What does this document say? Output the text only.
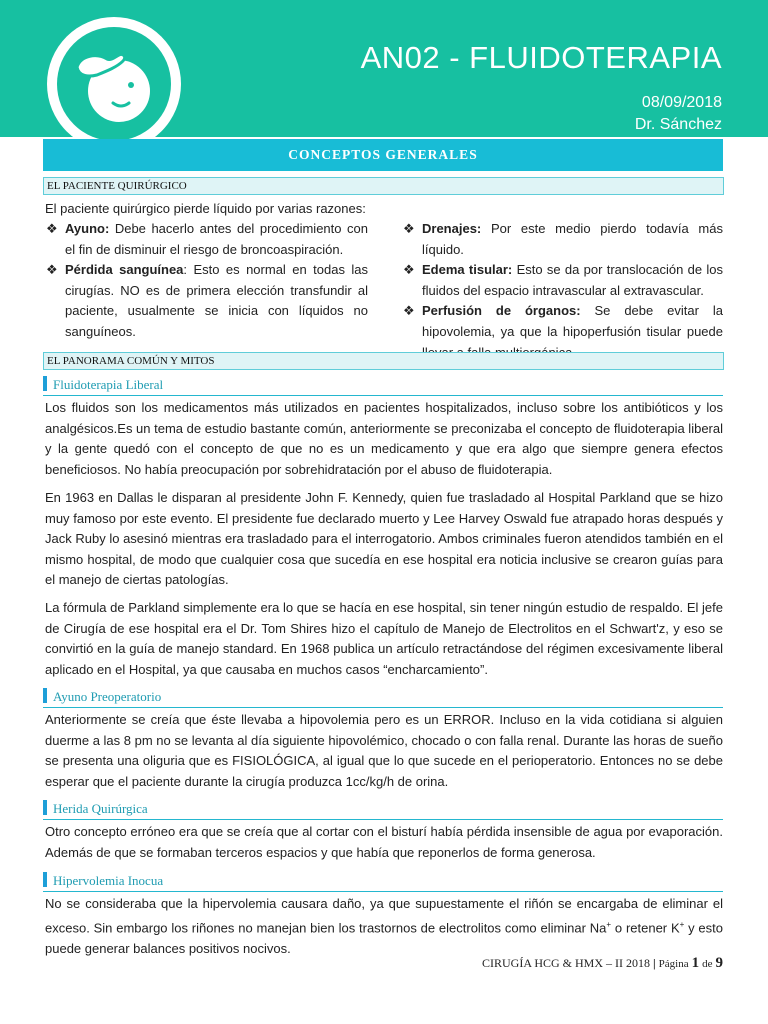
AN02 - FLUIDOTERAPIA
08/09/2018
Dr. Sánchez
CONCEPTOS GENERALES
EL PACIENTE QUIRÚRGICO

El paciente quirúrgico pierde líquido por varias razones:

❖ Ayuno: Debe hacerlo antes del procedimiento con el fin de disminuir el riesgo de broncoaspiración.
❖ Pérdida sanguínea: Esto es normal en todas las cirugías. NO es de primera elección transfundir al paciente, usualmente se inicia con líquidos no sanguíneos.
❖ Drenajes: Por este medio pierdo todavía más líquido.
❖ Edema tisular: Esto se da por translocación de los fluidos del espacio intravascular al extravascular.
❖ Perfusión de órganos: Se debe evitar la hipovolemia, ya que la hipoperfusión tisular puede
EL PANORAMA COMÚN Y MITOS
Fluidoterapia Liberal

Los fluidos son los medicamentos más utilizados en pacientes hospitalizados, incluso sobre los antibióticos y los analgésicos.Es un tema de estudio bastante común, anteriormente se preconizaba el concepto de fluidoterapia liberal y la gente quedó con el concepto de que no es un medicamento y que era algo que siempre genera efectos beneficiosos. No había preocupación por sobrehidratación por el abuso de fluidoterapia.

En 1963 en Dallas le disparan al presidente John F. Kennedy, quien fue trasladado al Hospital Parkland que se hizo muy famoso por este evento. El presidente fue declarado muerto y Lee Harvey Oswald fue atrapado horas después y Jack Ruby lo asesinó mientras era trasladado para el interrogatorio. Ambos criminales fueron atendidos también en el mismo hospital, de modo que cualquier cosa que sucedía en ese hospital era noticia inclusive se crearon guías para el manejo de ciertas patologías.

La fórmula de Parkland simplemente era lo que se hacía en ese hospital, sin tener ningún estudio de respaldo. El jefe de Cirugía de ese hospital era el Dr. Tom Shires hizo el capítulo de Manejo de Electrolitos en el Schwart'z, y eso se convirtió en la guía de manejo standard. En 1968 publica un artículo retractándose del régimen excesivamente liberal aplicado en el Hospital, ya que causaba en muchos casos “encharcamiento”.

Ayuno Preoperatorio

Anteriormente se creía que éste llevaba a hipovolemia pero es un ERROR. Incluso en la vida cotidiana si alguien duerme a las 8 pm no se levanta al día siguiente hipovolémico, chocado o con falla renal. Durante las horas de sueño se presenta una oliguria que es FISIOLÓGICA, al igual que lo que sucede en el perioperatorio. Entonces no se debe esperar que el paciente durante la cirugía produzca 1cc/kg/h de orina.

Herida Quirúrgica

Otro concepto erróneo era que se creía que al cortar con el bisturí había pérdida insensible de agua por evaporación. Además de que se formaban terceros espacios y que había que reponerlos de forma generosa.

Hipervolemia Inocua

No se consideraba que la hipervolemia causara daño, ya que supuestamente el riñón se encargaba de eliminar el exceso. Sin embargo los riñones no manejan bien los trastornos de electrolitos como eliminar Na+ o retener K+ y esto puede generar balances positivos nocivos.

CIRUGÍA HCG & HMX – II 2018 | Página 1 de 9
